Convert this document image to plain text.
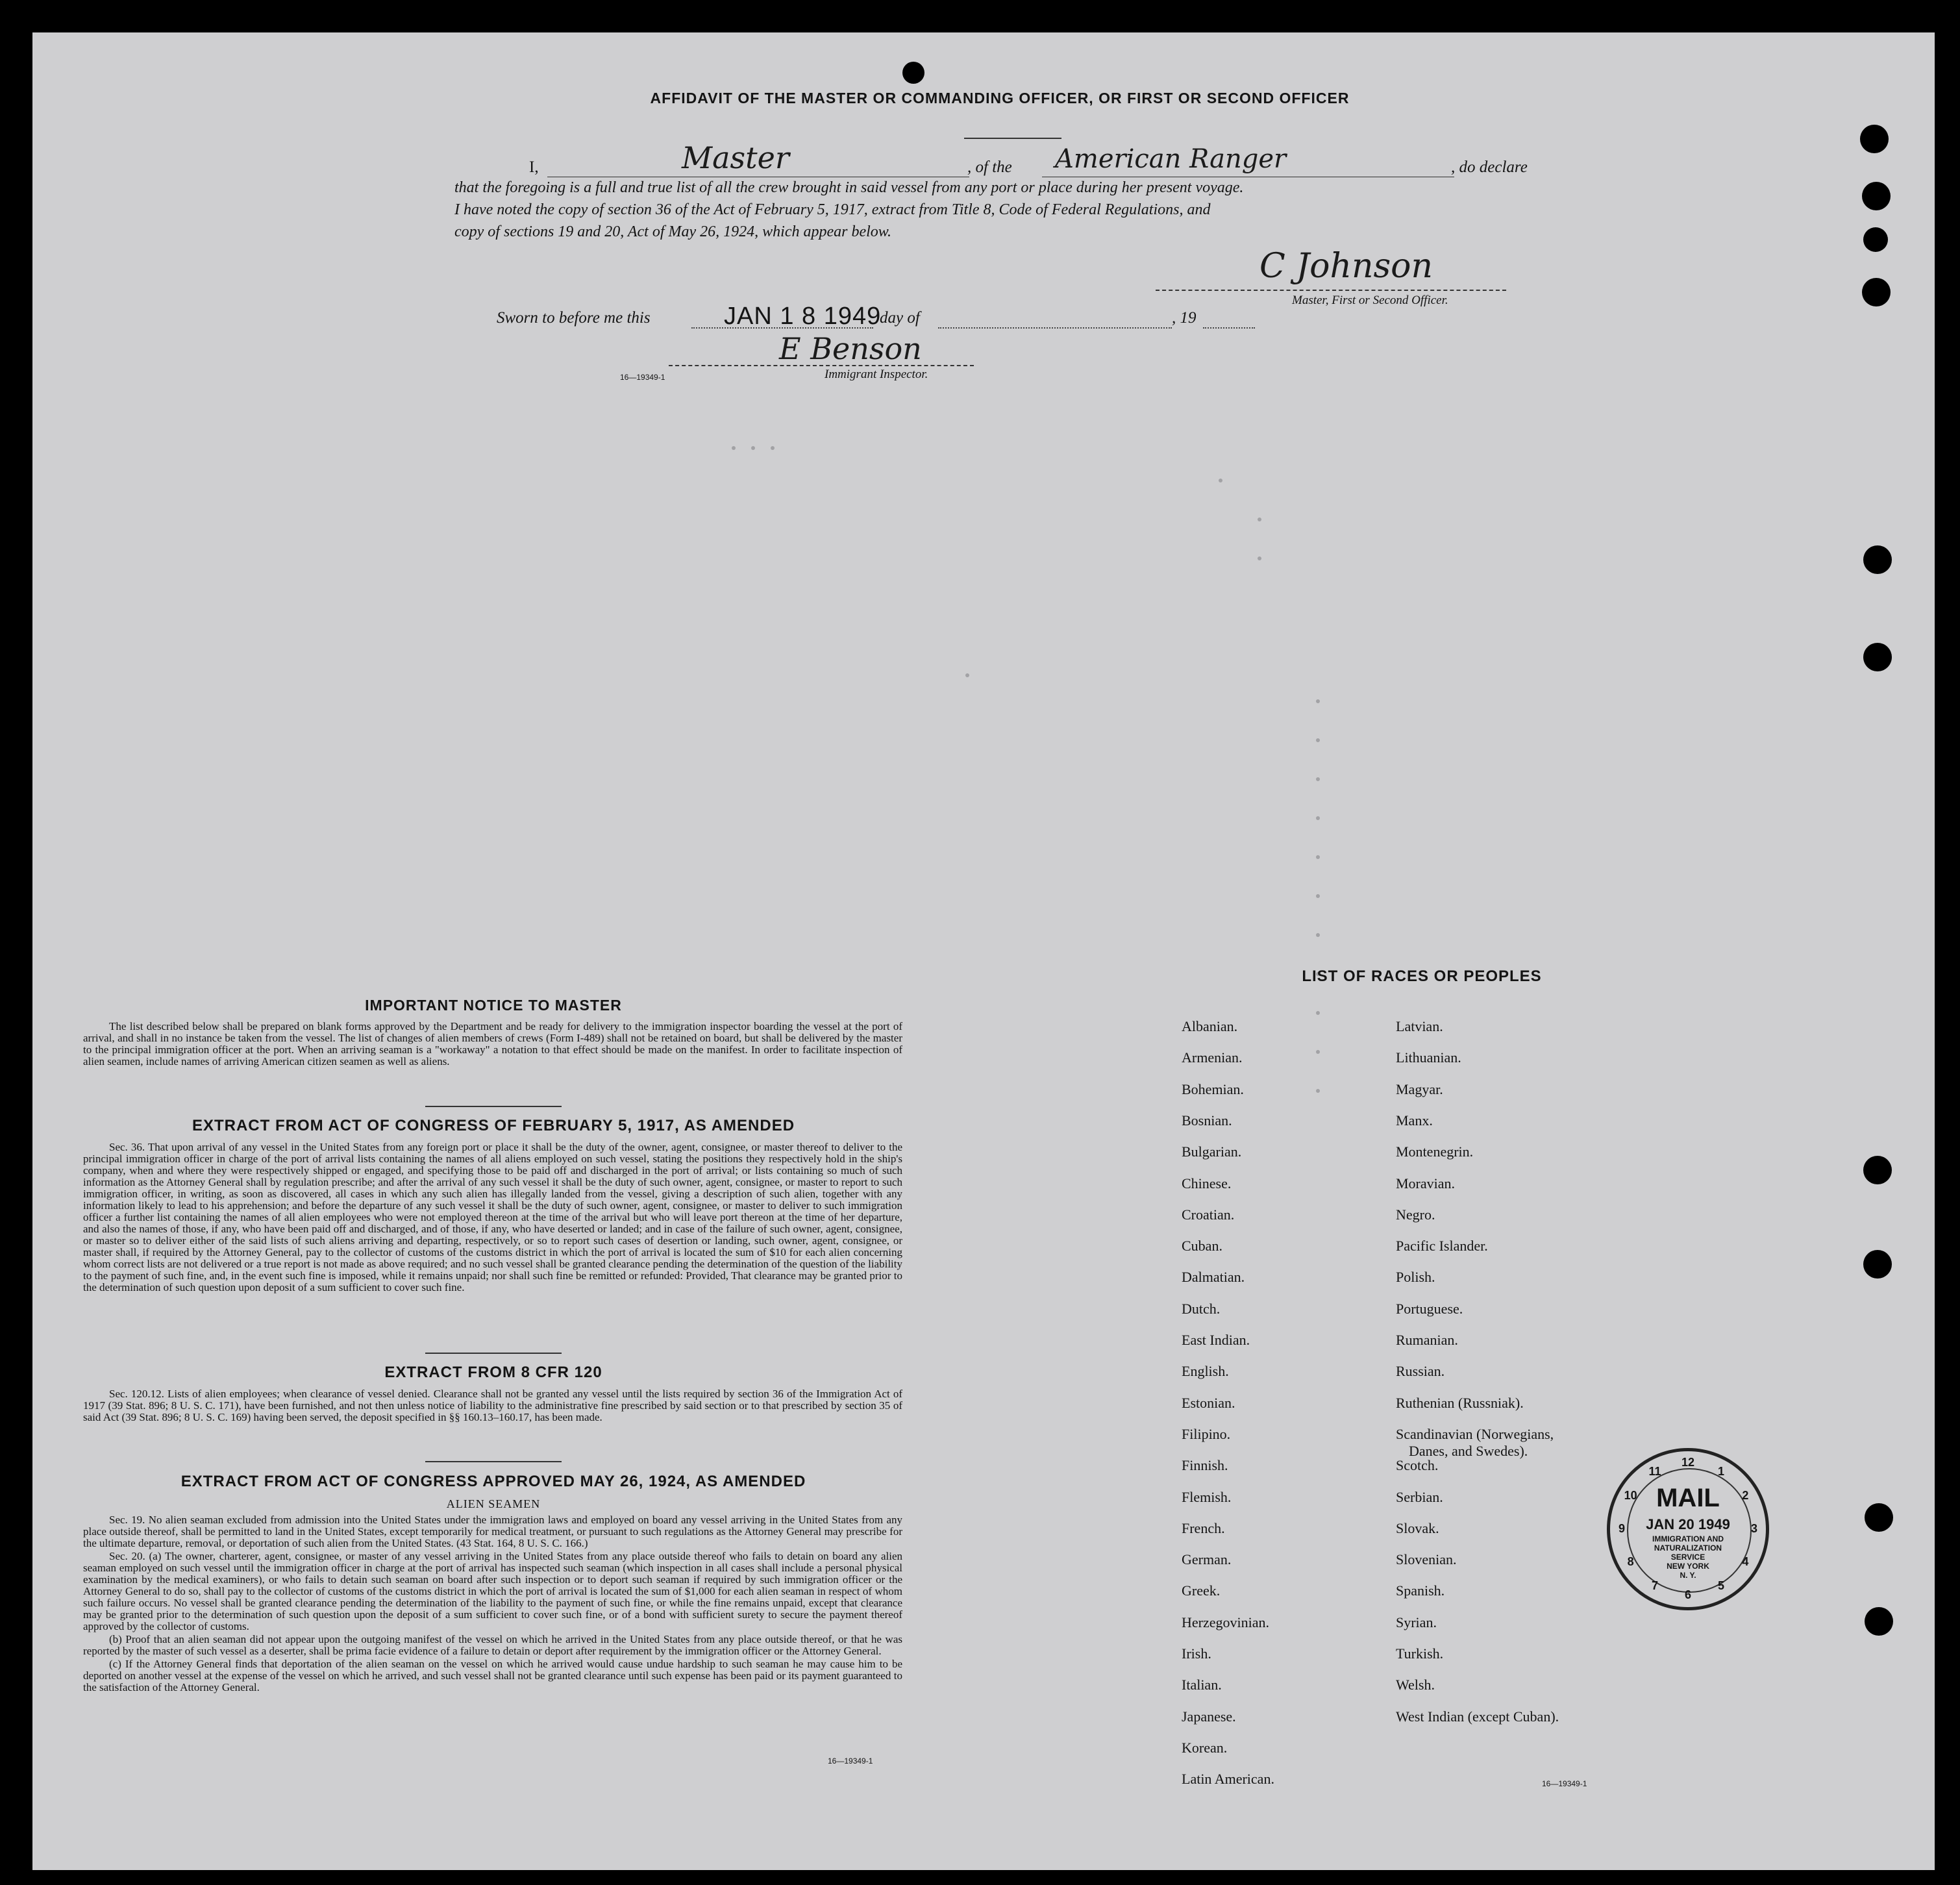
AFFIDAVIT OF THE MASTER OR COMMANDING OFFICER, OR FIRST OR SECOND OFFICER
I,	Master	, of the American Ranger	, do declare
that the foregoing is a full and true list of all the crew brought in said vessel from any port or place during her present voyage.
I have noted the copy of section 36 of the Act of February 5, 1917, extract from Title 8, Code of Federal Regulations, and
copy of sections 19 and 20, Act of May 26, 1924, which appear below.
C Johnson
Master, First or Second Officer.
Sworn to before me this	JAN 1 8 1949
day of	, 19
E Benson
Immigrant Inspector.
16—19349-1
IMPORTANT NOTICE TO MASTER

The list described below shall be prepared on blank forms approved by the Department and be ready for delivery to the immigration inspector boarding the vessel at the port of arrival, and shall in no instance be taken from the vessel. The list of changes of alien members of crews (Form I-489) shall not be retained on board, but shall be delivered by the master to the principal immigration officer at the port. When an arriving seaman is a "workaway" a notation to that effect should be made on the manifest. In order to facilitate inspection of alien seamen, include names of arriving American citizen seamen as well as aliens.

EXTRACT FROM ACT OF CONGRESS OF FEBRUARY 5, 1917, AS AMENDED

Sec. 36. That upon arrival of any vessel in the United States from any foreign port or place it shall be the duty of the owner, agent, consignee, or master thereof to deliver to the principal immigration officer in charge of the port of arrival lists containing the names of all aliens employed on such vessel, stating the positions they respectively hold in the ship's company, when and where they were respectively shipped or engaged, and specifying those to be paid off and discharged in the port of arrival; or lists containing so much of such information as the Attorney General shall by regulation prescribe; and after the arrival of any such vessel it shall be the duty of such owner, agent, consignee, or master to report to such immigration officer, in writing, as soon as discovered, all cases in which any such alien has illegally landed from the vessel, giving a description of such alien, together with any information likely to lead to his apprehension; and before the departure of any such vessel it shall be the duty of such owner, agent, consignee, or master to deliver to such immigration officer a further list containing the names of all alien employees who were not employed thereon at the time of the arrival but who will leave port thereon at the time of her departure, and also the names of those, if any, who have been paid off and discharged, and of those, if any, who have deserted or landed; and in case of the failure of such owner, agent, consignee, or master so to deliver either of the said lists of such aliens arriving and departing, respectively, or so to report such cases of desertion or landing, such owner, agent, consignee, or master shall, if required by the Attorney General, pay to the collector of customs of the customs district in which the port of arrival is located the sum of $10 for each alien concerning whom correct lists are not delivered or a true report is not made as above required; and no such vessel shall be granted clearance pending the determination of the question of the liability to the payment of such fine, and, in the event such fine is imposed, while it remains unpaid; nor shall such fine be remitted or refunded: Provided, That clearance may be granted prior to the determination of such question upon deposit of a sum sufficient to cover such fine.

EXTRACT FROM 8 CFR 120

Sec. 120.12. Lists of alien employees; when clearance of vessel denied. Clearance shall not be granted any vessel until the lists required by section 36 of the Immigration Act of 1917 (39 Stat. 896; 8 U. S. C. 171), have been furnished, and not then unless notice of liability to the administrative fine prescribed by said section or to that prescribed by section 35 of said Act (39 Stat. 896; 8 U. S. C. 169) having been served, the deposit specified in §§ 160.13–160.17, has been made.

EXTRACT FROM ACT OF CONGRESS APPROVED MAY 26, 1924, AS AMENDED
ALIEN SEAMEN

Sec. 19. No alien seaman excluded from admission into the United States under the immigration laws and employed on board any vessel arriving in the United States from any place outside thereof, shall be permitted to land in the United States, except temporarily for medical treatment, or pursuant to such regulations as the Attorney General may prescribe for the ultimate departure, removal, or deportation of such alien from the United States. (43 Stat. 164, 8 U. S. C. 166.)

Sec. 20. (a) The owner, charterer, agent, consignee, or master of any vessel arriving in the United States from any place outside thereof who fails to detain on board any alien seaman employed on such vessel until the immigration officer in charge at the port of arrival has inspected such seaman (which inspection in all cases shall include a personal physical examination by the medical examiners), or who fails to detain such seaman on board after such inspection or to deport such seaman if required by such immigration officer or the Attorney General to do so, shall pay to the collector of customs of the customs district in which the port of arrival is located the sum of $1,000 for each alien seaman in respect of whom such failure occurs. No vessel shall be granted clearance pending the determination of the liability to the payment of such fine, or while the fine remains unpaid, except that clearance may be granted prior to the determination of such question upon the deposit of a sum sufficient to cover such fine, or of a bond with sufficient surety to secure the payment thereof approved by the collector of customs.

(b) Proof that an alien seaman did not appear upon the outgoing manifest of the vessel on which he arrived in the United States from any place outside thereof, or that he was reported by the master of such vessel as a deserter, shall be prima facie evidence of a failure to detain or deport after requirement by the immigration officer or the Attorney General.

(c) If the Attorney General finds that deportation of the alien seaman on the vessel on which he arrived would cause undue hardship to such seaman he may cause him to be deported on another vessel at the expense of the vessel on which he arrived, and such vessel shall not be granted clearance until such expense has been paid or its payment guaranteed to the satisfaction of the Attorney General.

16—19349-1
LIST OF RACES OR PEOPLES
Albanian.
Armenian.
Bohemian.
Bosnian.
Bulgarian.
Chinese.
Croatian.
Cuban.
Dalmatian.
Dutch.
East Indian.
English.
Estonian.
Filipino.
Finnish.
Flemish.
French.
German.
Greek.
Herzegovinian.
Irish.
Italian.
Japanese.
Korean.
Latin American.
Latvian.
Lithuanian.
Magyar.
Manx.
Montenegrin.
Moravian.
Negro.
Pacific Islander.
Polish.
Portuguese.
Rumanian.
Russian.
Ruthenian (Russniak).
Scandinavian (Norwegians,
Danes, and Swedes).
Scotch.
Serbian.
Slovak.
Slovenian.
Spanish.
Syrian.
Turkish.
Welsh.
West Indian (except Cuban).
16—19349-1
1
2
3
4
5
6
7
8
9
10
11
12
MAIL
JAN 20 1949
IMMIGRATION AND
NATURALIZATION
SERVICE
NEW YORK
N. Y.
